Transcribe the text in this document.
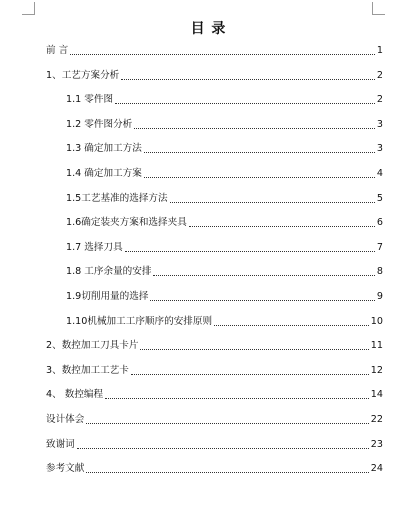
目 录
前 言	1
1、工艺方案分析	2
1.1 零件图	2
1.2 零件图分析	3
1.3 确定加工方法	3
1.4 确定加工方案	4
1.5工艺基准的选择方法	5
1.6确定装夹方案和选择夹具	6
1.7 选择刀具	7
1.8 工序余量的安排	8
1.9切削用量的选择	9
1.10机械加工工序顺序的安排原则	10
2、数控加工刀具卡片	11
3、数控加工工艺卡	12
4、 数控编程	14
设计体会	22
致谢词	23
参考文献	24
